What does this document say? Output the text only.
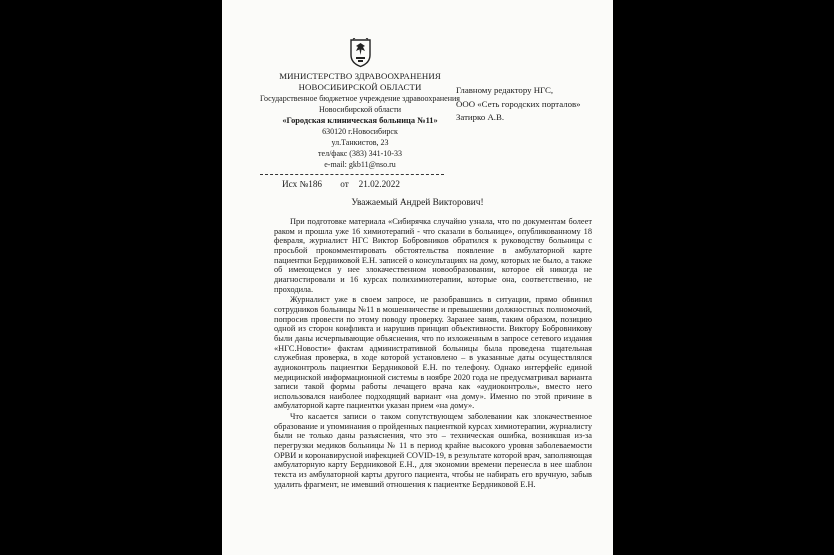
МИНИСТЕРСТВО ЗДРАВООХРАНЕНИЯ НОВОСИБИРСКОЙ ОБЛАСТИ
Государственное бюджетное учреждение здравоохранения Новосибирской области
«Городская клиническая больница №11»
630120 г.Новосибирск
ул.Танкистов, 23
тел/факс (383) 341-10-33
e-mail: gkb11@nso.ru
Главному редактору НГС,
ООО «Сеть городских порталов»
Затирко А.В.
Исх №186 от 21.02.2022
Уважаемый Андрей Викторович!

При подготовке материала «Сибирячка случайно узнала, что по документам болеет раком и прошла уже 16 химиотерапий - что сказали в больнице», опубликованному 18 февраля, журналист НГС Виктор Бобровников обратился к руководству больницы с просьбой прокомментировать обстоятельства появление в амбулаторной карте пациентки Бердниковой Е.Н. записей о консультациях на дому, которых не было, а также об имеющемся у нее злокачественном новообразовании, которое ей никогда не диагностировали и 16 курсах полихимиотерапии, которые она, соответственно, не проходила.

Журналист уже в своем запросе, не разобравшись в ситуации, прямо обвинил сотрудников больницы №11 в мошенничестве и превышении должностных полномочий, попросив провести по этому поводу проверку. Заранее заняв, таким образом, позицию одной из сторон конфликта и нарушив принцип объективности. Виктору Бобровникову были даны исчерпывающие объяснения, что по изложенным в запросе сетевого издания «НГС.Новости» фактам административной больницы была проведена тщательная служебная проверка, в ходе которой установлено – в указанные даты осуществлялся аудиоконтроль пациентки Бердниковой Е.Н. по телефону. Однако интерфейс единой медицинской информационной системы в ноябре 2020 года не предусматривал варианта записи такой формы работы лечащего врача как «аудиоконтроль», вместо него использовался наиболее подходящий вариант «на дому». Именно по этой причине в амбулаторной карте пациентки указан прием «на дому».

Что касается записи о таком сопутствующем заболевании как злокачественное образование и упоминания о пройденных пациенткой курсах химиотерапии, журналисту были не только даны разъяснения, что это – техническая ошибка, возникшая из-за перегрузки медиков больницы № 11 в период крайне высокого уровня заболеваемости ОРВИ и коронавирусной инфекцией COVID-19, в результате которой врач, заполняющая амбулаторную карту Бердниковой Е.Н., для экономии времени перенесла в нее шаблон текста из амбулаторной карты другого пациента, чтобы не набирать его вручную, забыв удалить фрагмент, не имевший отношения к пациентке Бердниковой Е.Н.
